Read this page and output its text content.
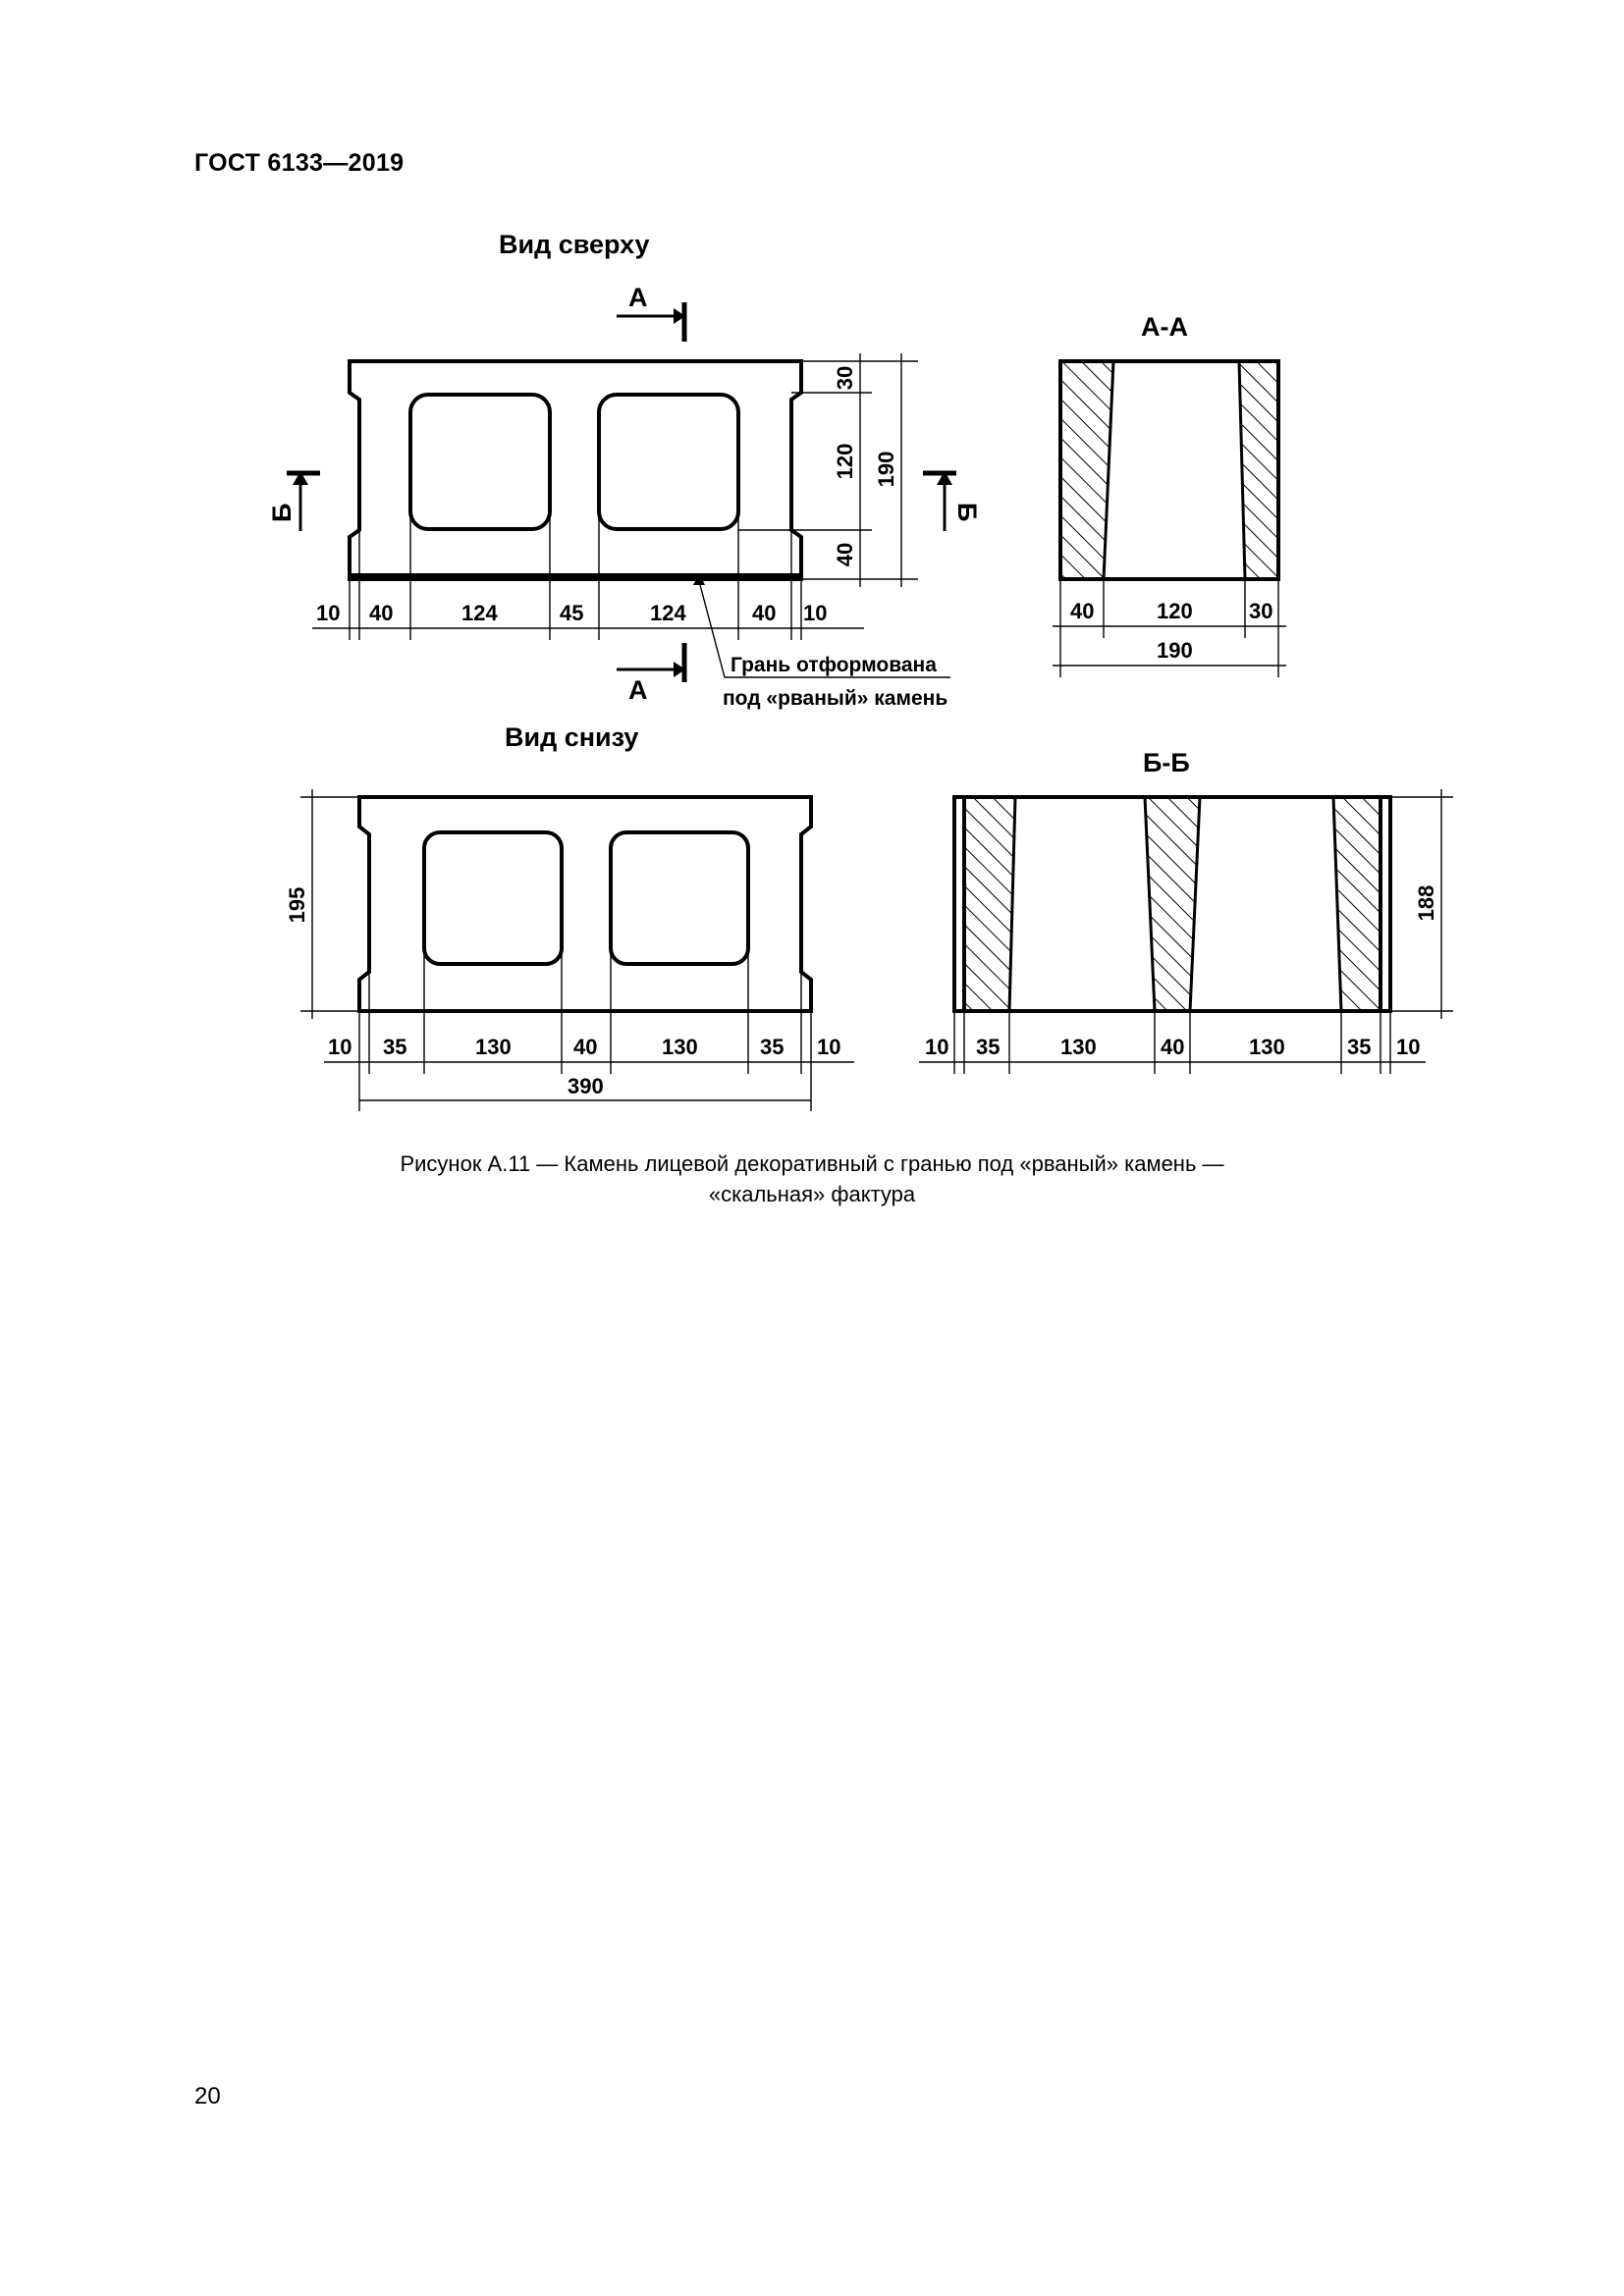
ГОСТ 6133—2019
Вид сверху
А
А
Б	Б
30
120
40
190
10 40	124	45	124	40 10
Грань отформована
под «рваный» камень
А-А
40	120	30
190
Вид снизу
195
10 35	130	40	130	35 10
390
Б-Б
188
10 35	130	40	130	35 10
Рисунок А.11 — Камень лицевой декоративный с гранью под «рваный» камень —
«скальная» фактура
20
